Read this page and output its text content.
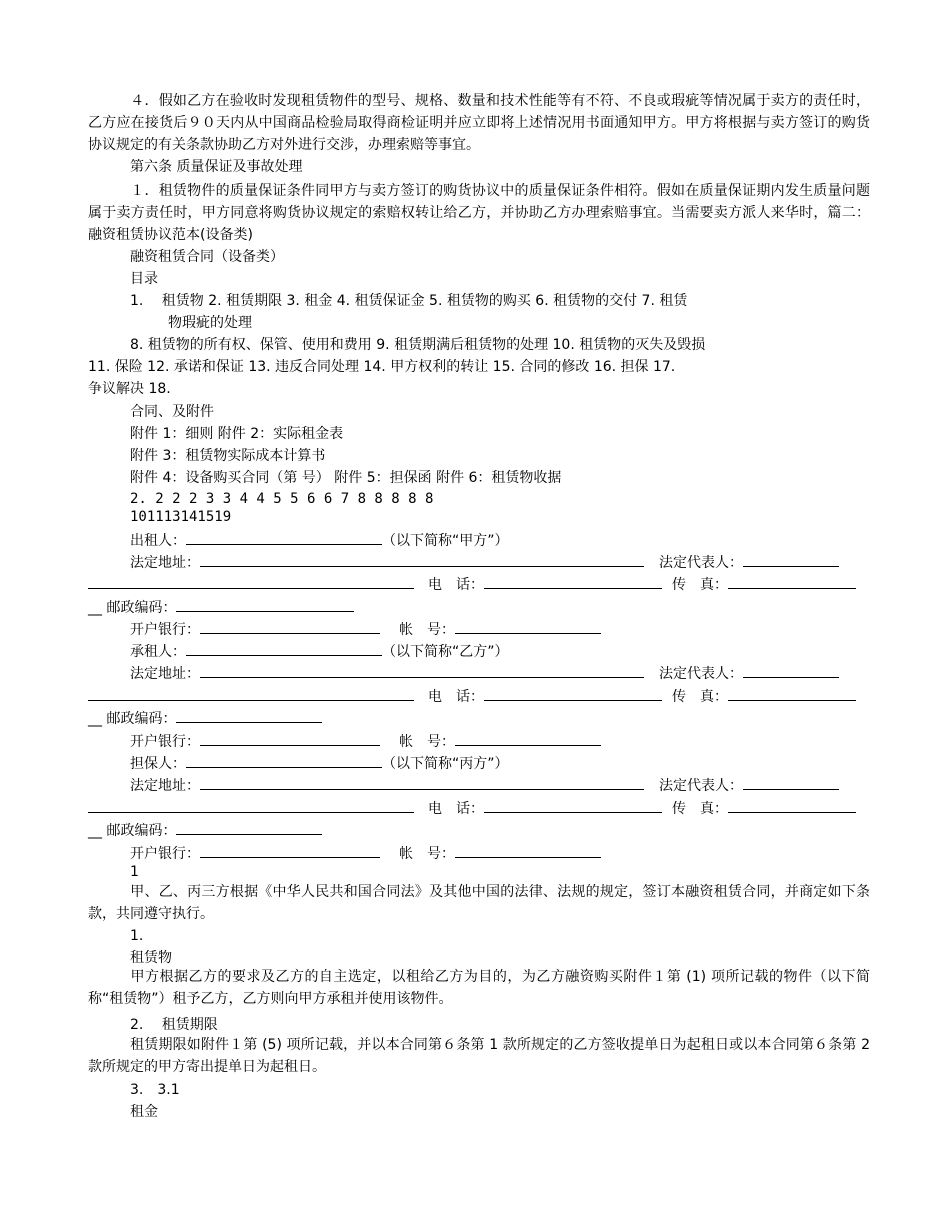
４．假如乙方在验收时发现租赁物件的型号、规格、数量和技术性能等有不符、不良或瑕疵等情况属于卖方的责任时，乙方应在接货后９０天内从中国商品检验局取得商检证明并应立即将上述情况用书面通知甲方。甲方将根据与卖方签订的购货协议规定的有关条款协助乙方对外进行交涉，办理索赔等事宜。
第六条 质量保证及事故处理
１．租赁物件的质量保证条件同甲方与卖方签订的购货协议中的质量保证条件相符。假如在质量保证期内发生质量问题属于卖方责任时，甲方同意将购货协议规定的索赔权转让给乙方，并协助乙方办理索赔事宜。当需要卖方派人来华时，篇二：融资租赁协议范本(设备类)
融资租赁合同（设备类）
目录
1.　 租赁物 2. 租赁期限 3. 租金 4. 租赁保证金 5. 租赁物的购买 6. 租赁物的交付 7. 租赁
物瑕疵的处理
8. 租赁物的所有权、保管、使用和费用 9. 租赁期满后租赁物的处理 10. 租赁物的灭失及毁损
11. 保险 12. 承诺和保证 13. 违反合同处理 14. 甲方权利的转让 15. 合同的修改 16. 担保 17.
争议解决 18.
合同、及附件
附件 1：细则 附件 2：实际租金表
附件 3：租赁物实际成本计算书
附件 4：设备购买合同（第 号） 附件 5：担保函 附件 6：租赁物收据
2. 2 2 2 3 3 4 4 5 5 6 6 7 8 8 8 8 8
101113141519
出租人：	（以下简称“甲方”）
法定地址：	法定代表人：
电　话：	传　真：
__ 邮政编码：
开户银行：	帐　号：
承租人：	（以下简称“乙方”）
法定地址：	法定代表人：
电　话：	传　真：
__ 邮政编码：
开户银行：	帐　号：
担保人：	（以下简称“丙方”）
法定地址：	法定代表人：
电　话：	传　真：
__ 邮政编码：
开户银行：	帐　号：
1
甲、乙、丙三方根据《中华人民共和国合同法》及其他中国的法律、法规的规定，签订本融资租赁合同，并商定如下条款，共同遵守执行。
1.
租赁物
甲方根据乙方的要求及乙方的自主选定，以租给乙方为目的，为乙方融资购买附件１第 (1) 项所记载的物件（以下简称“租赁物”）租予乙方，乙方则向甲方承租并使用该物件。
2.　 租赁期限
租赁期限如附件１第 (5) 项所记载，并以本合同第６条第 1 款所规定的乙方签收提单日为起租日或以本合同第６条第 2 款所规定的甲方寄出提单日为起租日。
3.　3.1
租金
